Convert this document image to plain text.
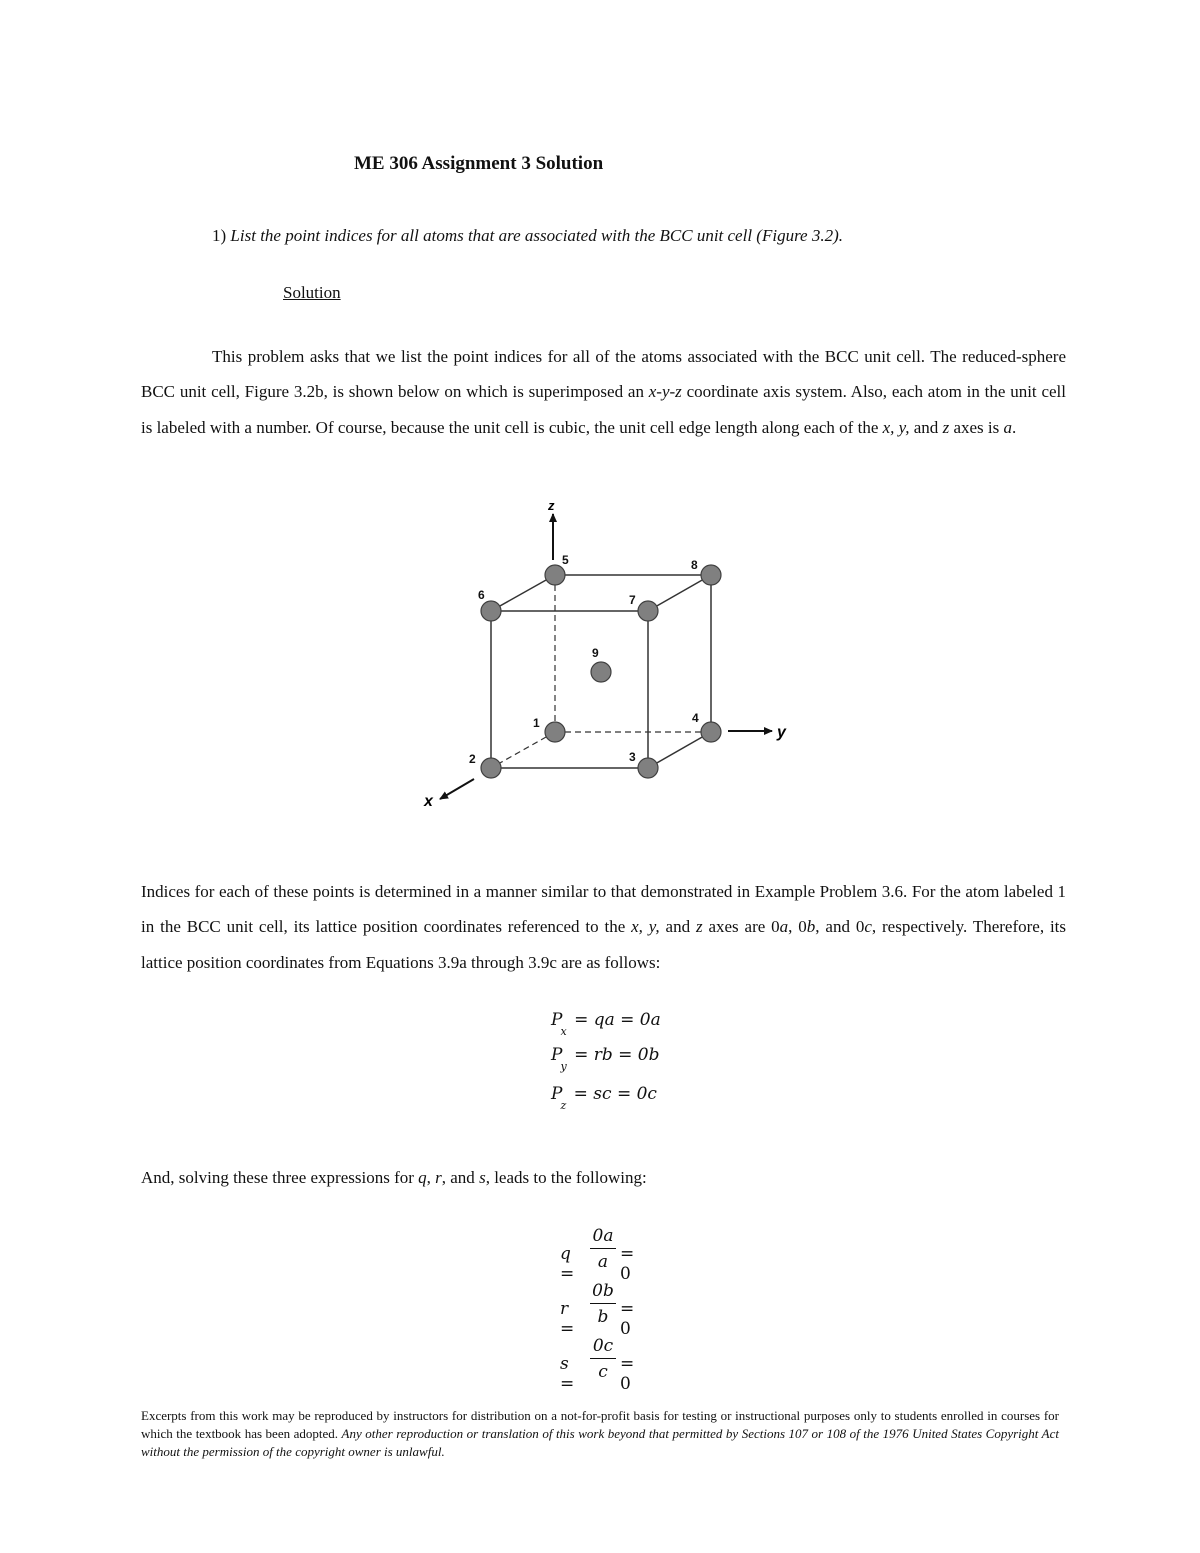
ME 306 Assignment 3 Solution
1) List the point indices for all atoms that are associated with the BCC unit cell (Figure 3.2).
Solution
This problem asks that we list the point indices for all of the atoms associated with the BCC unit cell. The reduced-sphere BCC unit cell, Figure 3.2b, is shown below on which is superimposed an x-y-z coordinate axis system. Also, each atom in the unit cell is labeled with a number. Of course, because the unit cell is cubic, the unit cell edge length along each of the x, y, and z axes is a.
z
y
x
1
2	3
4
5
6	7
8
9
Indices for each of these points is determined in a manner similar to that demonstrated in Example Problem 3.6. For the atom labeled 1 in the BCC unit cell, its lattice position coordinates referenced to the x, y, and z axes are 0a, 0b, and 0c, respectively. Therefore, its lattice position coordinates from Equations 3.9a through 3.9c are as follows:
$P_x$ = qa = 0a
$P_y$ = rb = 0b
$P_z$ = sc = 0c
And, solving these three expressions for q, r, and s, leads to the following:
q =
0a
a = 0
r =
0b
b = 0
s =
0c
c = 0
Excerpts from this work may be reproduced by instructors for distribution on a not-for-profit basis for testing or instructional purposes only to students enrolled in courses for which the textbook has been adopted. Any other reproduction or translation of this work beyond that permitted by Sections 107 or 108 of the 1976 United States Copyright Act without the permission of the copyright owner is unlawful.
